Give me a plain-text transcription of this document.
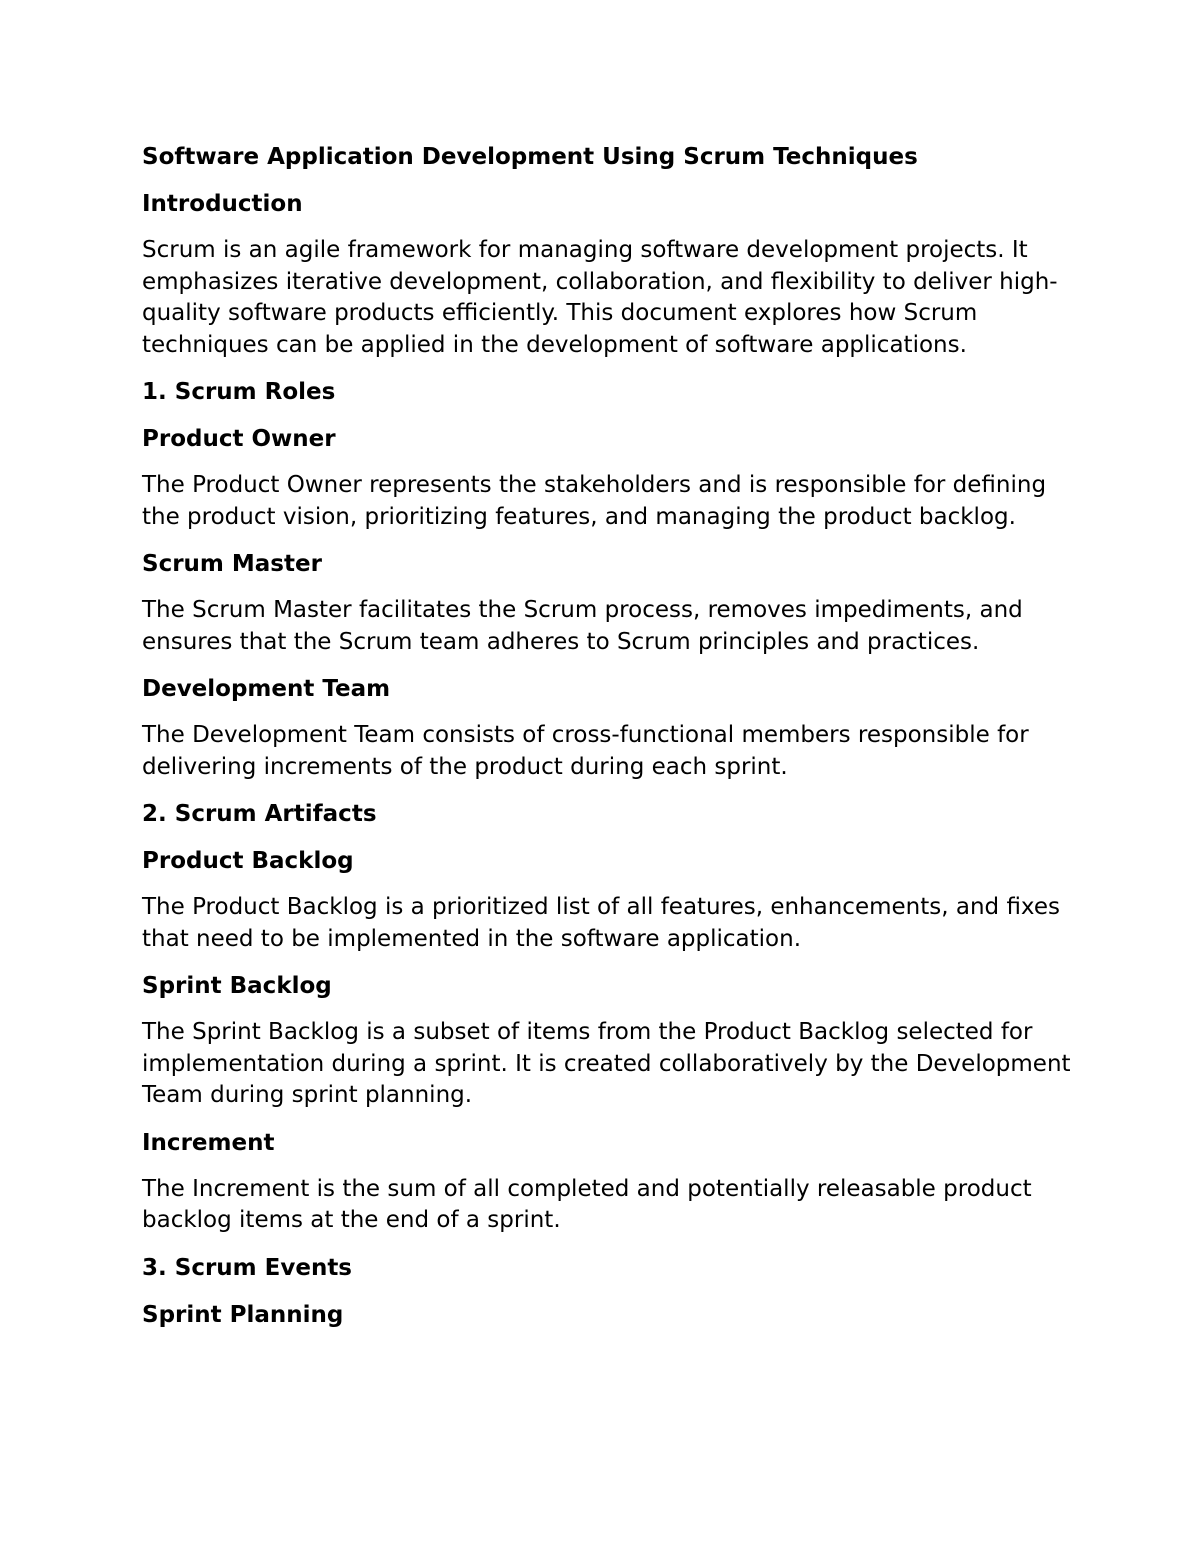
Software Application Development Using Scrum Techniques
Introduction
Scrum is an agile framework for managing software development projects. It emphasizes iterative development, collaboration, and flexibility to deliver high-quality software products efficiently. This document explores how Scrum techniques can be applied in the development of software applications.
1. Scrum Roles
Product Owner
The Product Owner represents the stakeholders and is responsible for defining the product vision, prioritizing features, and managing the product backlog.
Scrum Master
The Scrum Master facilitates the Scrum process, removes impediments, and ensures that the Scrum team adheres to Scrum principles and practices.
Development Team
The Development Team consists of cross-functional members responsible for delivering increments of the product during each sprint.
2. Scrum Artifacts
Product Backlog
The Product Backlog is a prioritized list of all features, enhancements, and fixes that need to be implemented in the software application.
Sprint Backlog
The Sprint Backlog is a subset of items from the Product Backlog selected for implementation during a sprint. It is created collaboratively by the Development Team during sprint planning.
Increment
The Increment is the sum of all completed and potentially releasable product backlog items at the end of a sprint.
3. Scrum Events
Sprint Planning
